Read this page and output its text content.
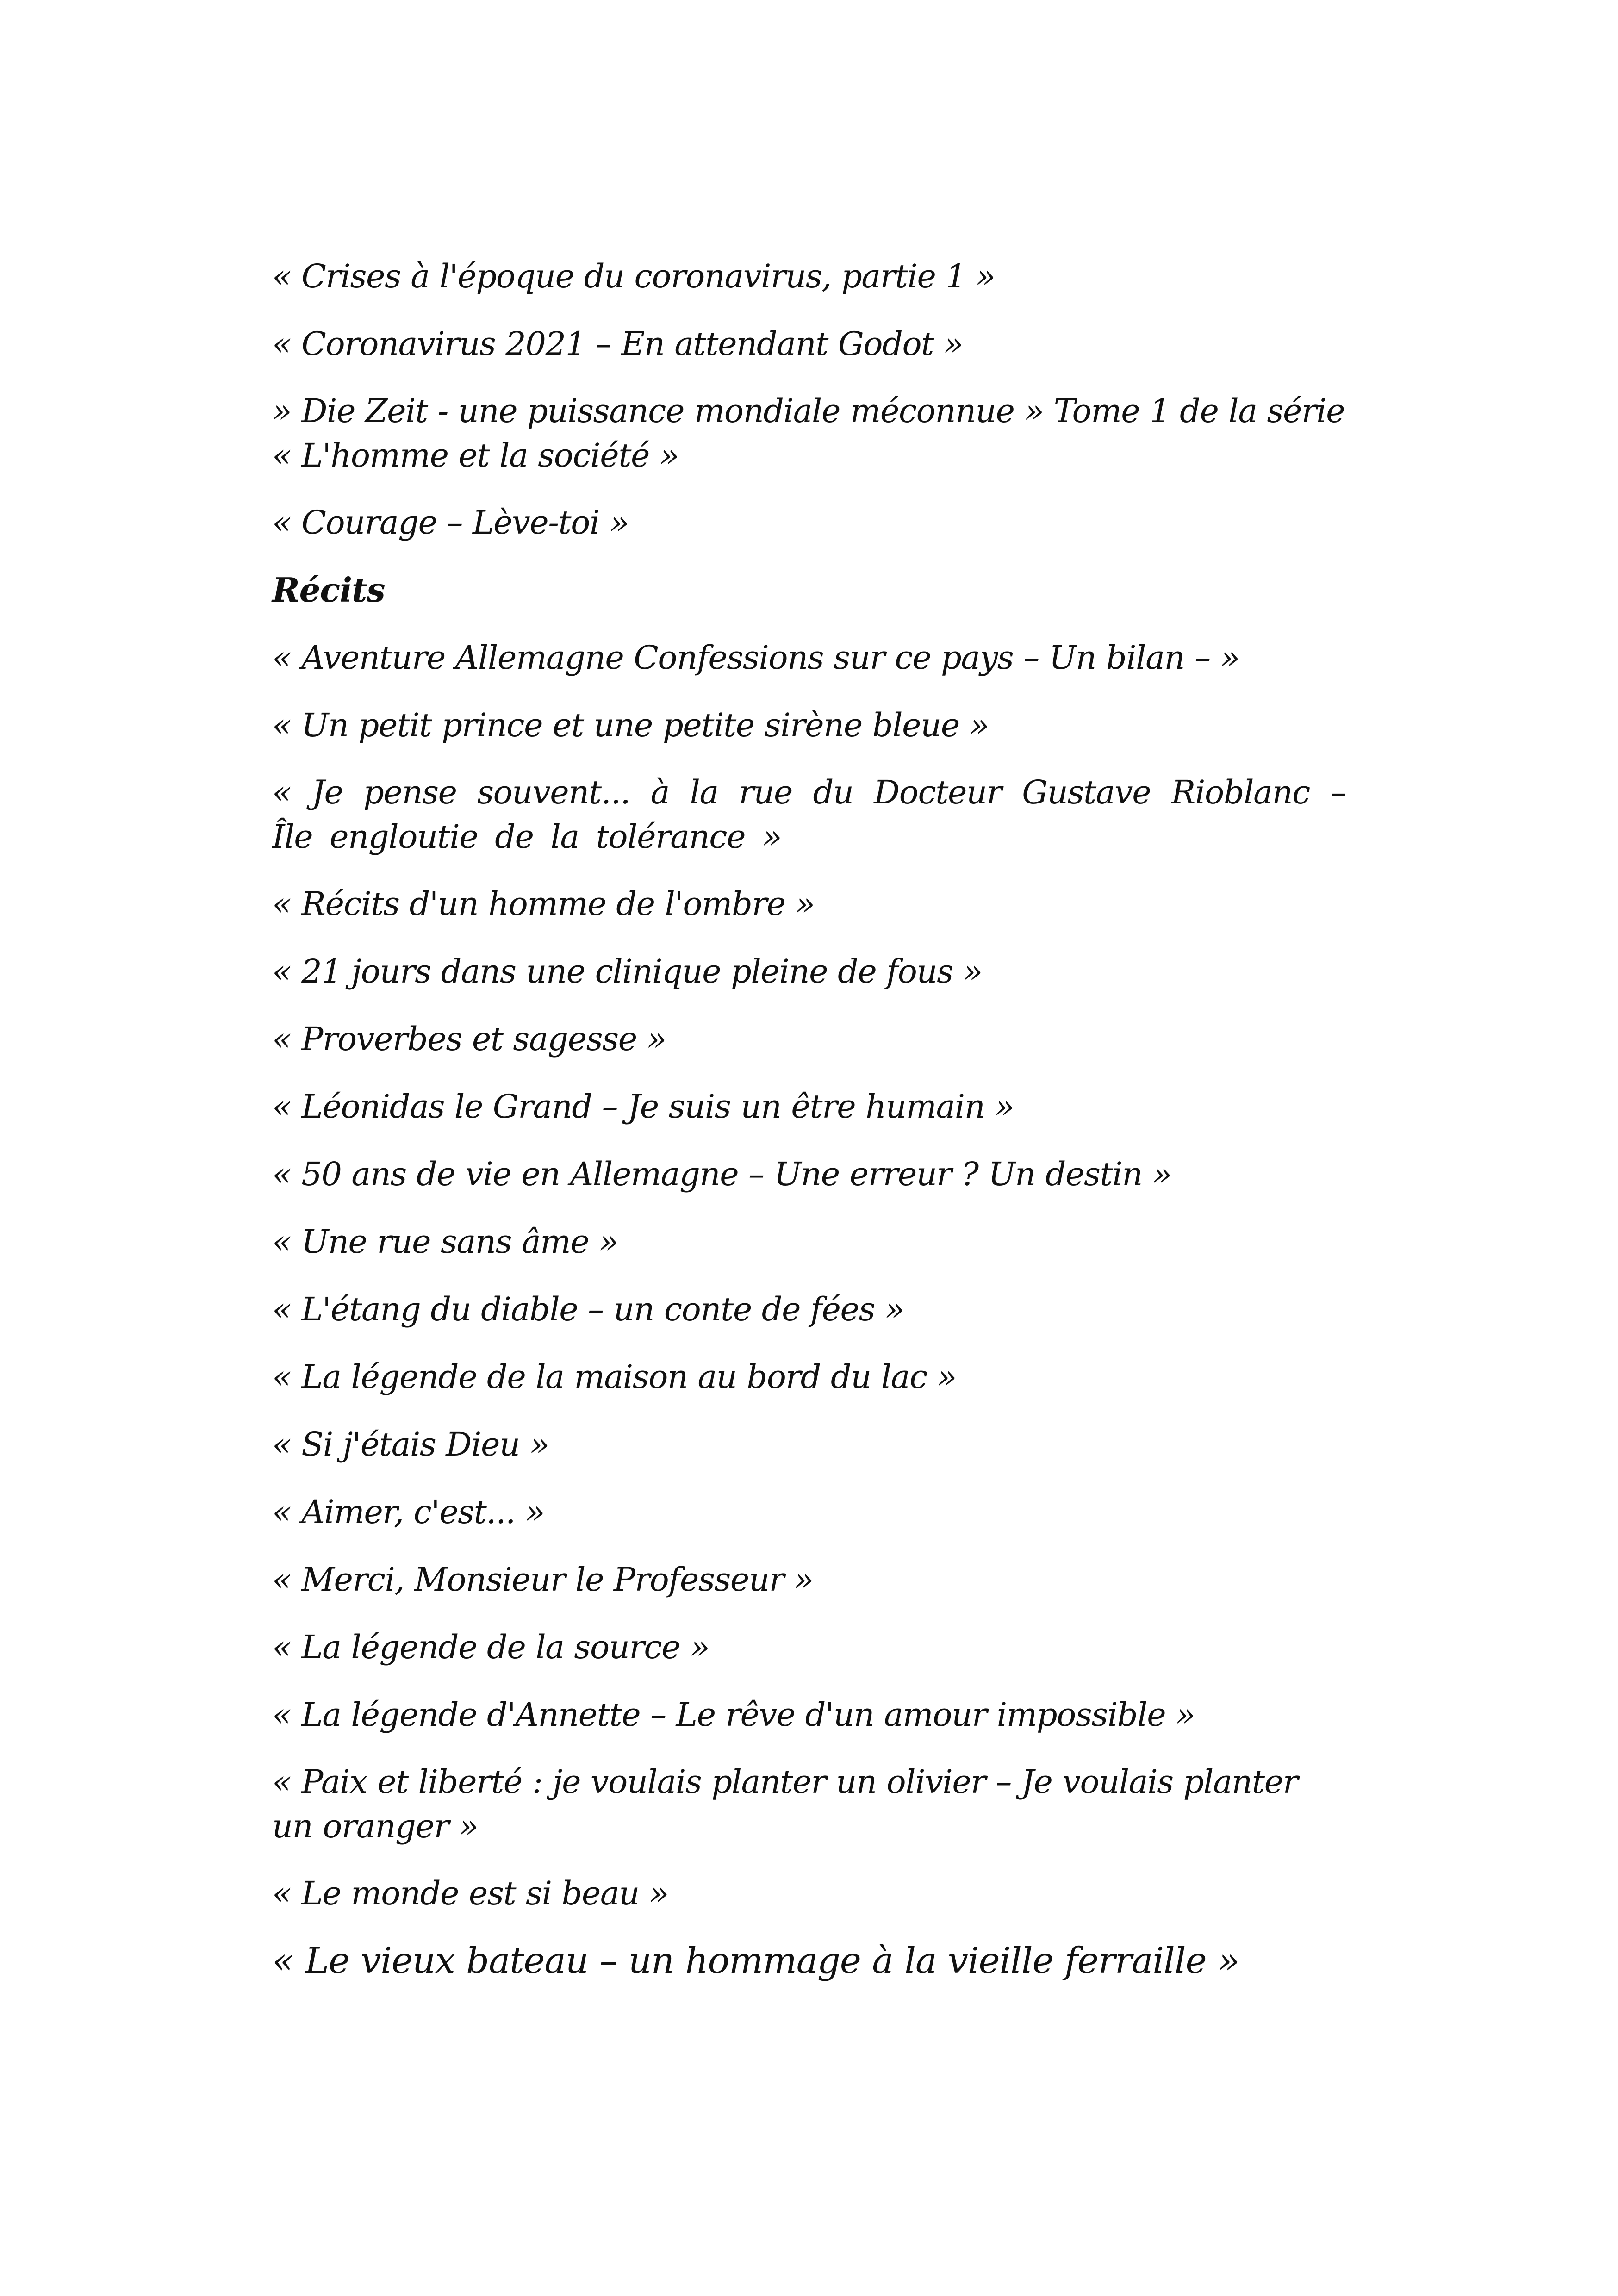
« Crises à l'époque du coronavirus, partie 1 »

« Coronavirus 2021 – En attendant Godot »

» Die Zeit - une puissance mondiale méconnue » Tome 1 de la série « L'homme et la société »

« Courage – Lève-toi »

Récits

« Aventure Allemagne Confessions sur ce pays – Un bilan – »

« Un petit prince et une petite sirène bleue »

« Je pense souvent... à la rue du Docteur Gustave Rioblanc – Île engloutie de la tolérance »

« Récits d'un homme de l'ombre »

« 21 jours dans une clinique pleine de fous »

« Proverbes et sagesse »

« Léonidas le Grand – Je suis un être humain »

« 50 ans de vie en Allemagne – Une erreur ? Un destin »

« Une rue sans âme »

« L'étang du diable – un conte de fées »

« La légende de la maison au bord du lac »

« Si j'étais Dieu »

« Aimer, c'est... »

« Merci, Monsieur le Professeur »

« La légende de la source »

« La légende d'Annette – Le rêve d'un amour impossible »

« Paix et liberté : je voulais planter un olivier – Je voulais planter un oranger »

« Le monde est si beau »

« Le vieux bateau – un hommage à la vieille ferraille »
